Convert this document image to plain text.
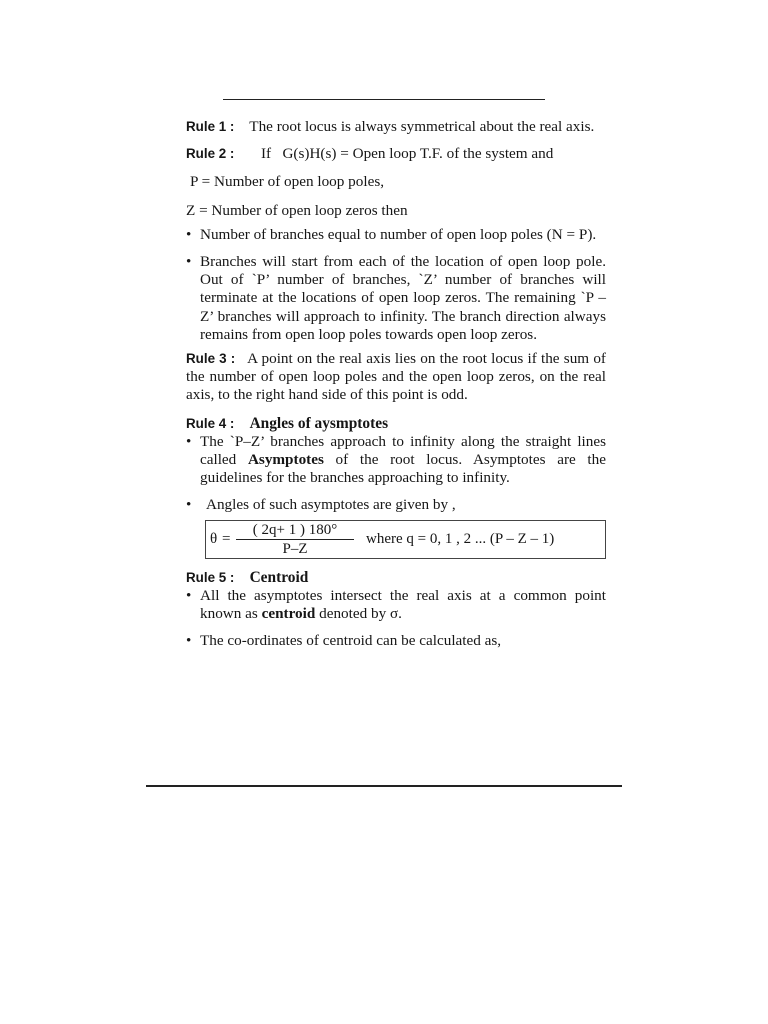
Rule 1 : The root locus is always symmetrical about the real axis.

Rule 2 : If G(s)H(s) = Open loop T.F. of the system and

P = Number of open loop poles,

Z = Number of open loop zeros then

• Number of branches equal to number of open loop poles (N = P).

• Branches will start from each of the location of open loop pole. Out of `P’ number of branches, `Z’ number of branches will terminate at the locations of open loop zeros. The remaining `P – Z’ branches will approach to infinity. The branch direction always remains from open loop poles towards open loop zeros.

Rule 3 : A point on the real axis lies on the root locus if the sum of the number of open loop poles and the open loop zeros, on the real axis, to the right hand side of this point is odd.

Rule 4 : Angles of aysmptotes

• The `P–Z’ branches approach to infinity along the straight lines called Asymptotes of the root locus. Asymptotes are the guidelines for the branches approaching to infinity.

• Angles of such asymptotes are given by ,

$\theta = \frac{( 2q+ 1 ) 180^\circ}{P-Z}$ where q = 0, 1 , 2 ... (P – Z – 1)

Rule 5 : Centroid

• All the asymptotes intersect the real axis at a common point known as centroid denoted by σ.

• The co-ordinates of centroid can be calculated as,
